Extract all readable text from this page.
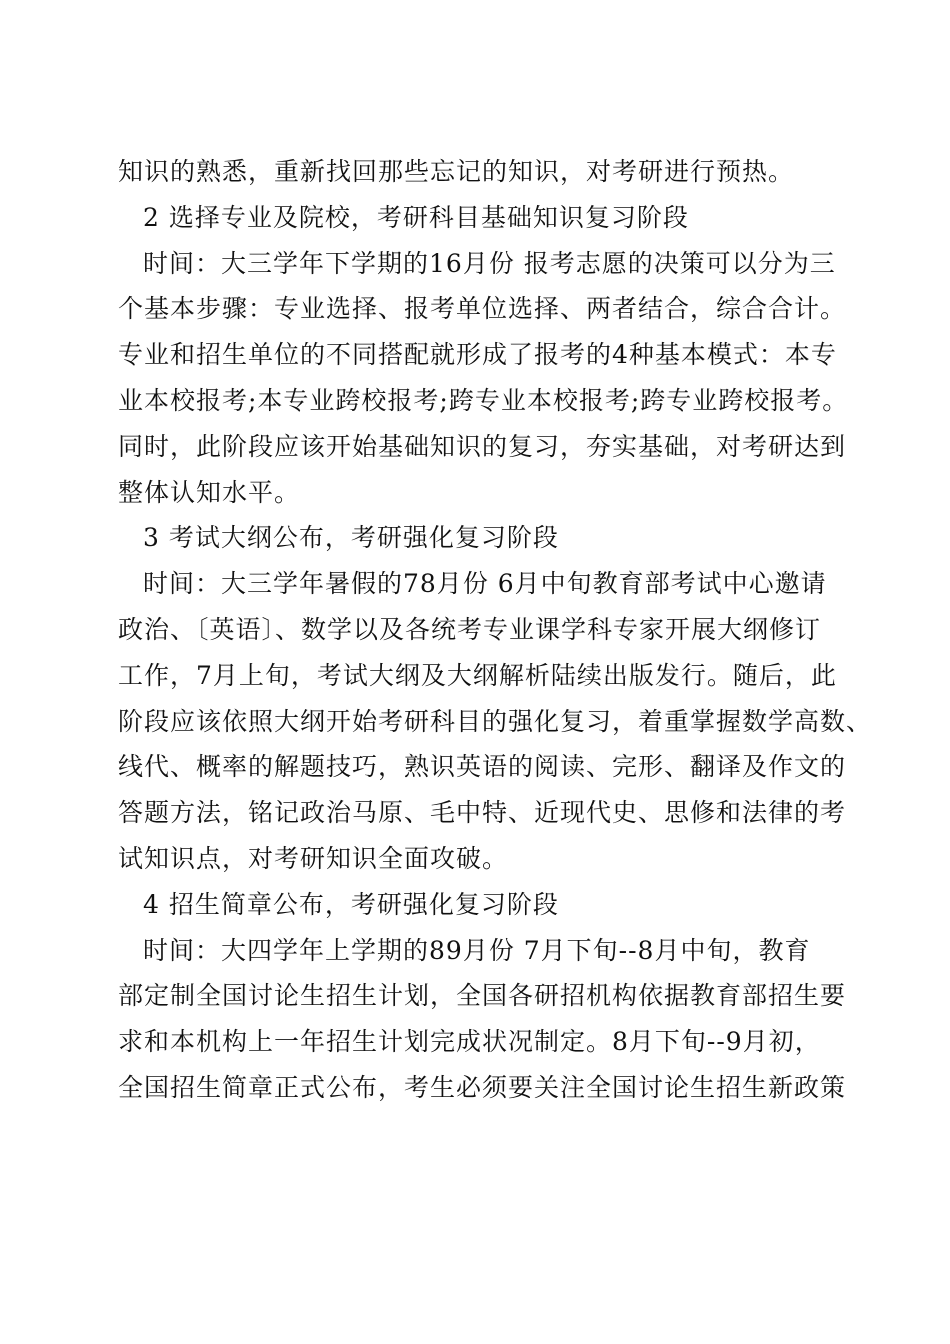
知识的熟悉，重新找回那些忘记的知识，对考研进行预热。
2 选择专业及院校，考研科目基础知识复习阶段
时间：大三学年下学期的16月份 报考志愿的决策可以分为三
个基本步骤：专业选择、报考单位选择、两者结合，综合合计。
专业和招生单位的不同搭配就形成了报考的4种基本模式：本专
业本校报考;本专业跨校报考;跨专业本校报考;跨专业跨校报考。
同时，此阶段应该开始基础知识的复习，夯实基础，对考研达到
整体认知水平。
3 考试大纲公布，考研强化复习阶段
时间：大三学年暑假的78月份 6月中旬教育部考试中心邀请
政治、〔英语〕、数学以及各统考专业课学科专家开展大纲修订
工作，7月上旬，考试大纲及大纲解析陆续出版发行。随后，此
阶段应该依照大纲开始考研科目的强化复习，着重掌握数学高数、
线代、概率的解题技巧，熟识英语的阅读、完形、翻译及作文的
答题方法，铭记政治马原、毛中特、近现代史、思修和法律的考
试知识点，对考研知识全面攻破。
4 招生简章公布，考研强化复习阶段
时间：大四学年上学期的89月份 7月下旬--8月中旬，教育
部定制全国讨论生招生计划，全国各研招机构依据教育部招生要
求和本机构上一年招生计划完成状况制定。8月下旬--9月初，
全国招生简章正式公布，考生必须要关注全国讨论生招生新政策
